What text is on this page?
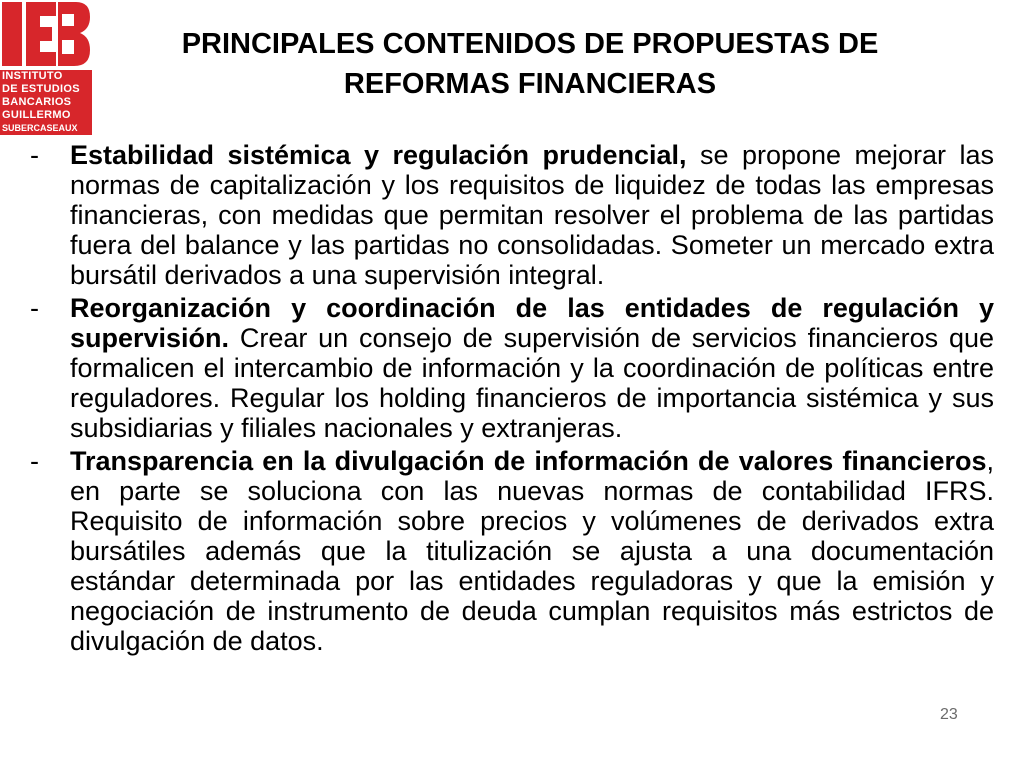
INSTITUTO
DE ESTUDIOS
BANCARIOS
GUILLERMO
SUBERCASEAUX
PRINCIPALES CONTENIDOS DE PROPUESTAS DE
REFORMAS FINANCIERAS
-	Estabilidad sistémica y regulación prudencial, se propone mejorar las normas de capitalización y los requisitos de liquidez de todas las empresas financieras, con medidas que permitan resolver el problema de las partidas fuera del balance y las partidas no consolidadas. Someter un mercado extra bursátil derivados a una supervisión integral.
-	Reorganización y coordinación de las entidades de regulación y supervisión. Crear un consejo de supervisión de servicios financieros que formalicen el intercambio de información y la coordinación de políticas entre reguladores. Regular los holding financieros de importancia sistémica y sus subsidiarias y filiales nacionales y extranjeras.
-	Transparencia en la divulgación de información de valores financieros, en parte se soluciona con las nuevas normas de contabilidad IFRS. Requisito de información sobre precios y volúmenes de derivados extra bursátiles además que la titulización se ajusta a una documentación estándar determinada por las entidades reguladoras y que la emisión y negociación de instrumento de deuda cumplan requisitos más estrictos de divulgación de datos.
23
